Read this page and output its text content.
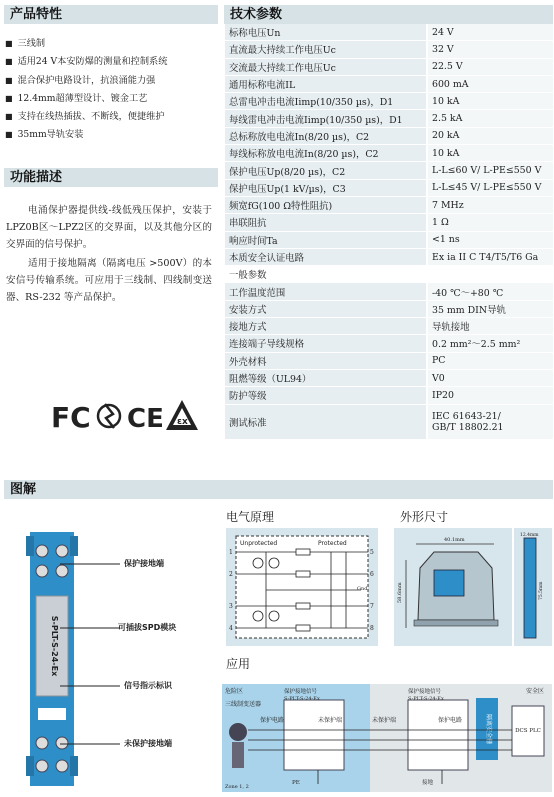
产品特性	技术参数
功能描述
图解
■ 三线制
■ 适用24 V本安防爆的测量和控制系统
■ 混合保护电路设计，抗浪涌能力强
■ 12.4mm超薄型设计、镀金工艺
■ 支持在线热插拔、不断线，便捷维护
■ 35mm导轨安装

电涌保护器提供线-线低残压保护，安装于LPZ0B区～LPZ2区的交界面，以及其他分区的交界面的信号保护。

适用于接地隔离（隔离电压 >500V）的本安信号传输系统。可应用于三线制、四线制变送器、RS-232 等产品保护。

FC CE εx
标称电压Un	24 V
直流最大持续工作电压Uc	32 V
交流最大持续工作电压Uc	22.5 V
通用标称电流IL	600 mA
总雷电冲击电流Iimp(10/350 µs)，D1	10 kA
每线雷电冲击电流Iimp(10/350 µs)，D1	2.5 kA
总标称放电电流In(8/20 µs)，C2	20 kA
每线标称放电电流In(8/20 µs)，C2	10 kA
保护电压Up(8/20 µs)，C2	L-L≤60 V/ L-PE≤550 V
保护电压Up(1 kV/µs)，C3	L-L≤45 V/ L-PE≤550 V
频宽fG(100 Ω特性阻抗)	7 MHz
串联阻抗	1 Ω
响应时间Ta	<1 ns
本质安全认证电路	Ex ia II C T4/T5/T6 Ga
一般参数	
工作温度范围	-40 ℃～+80 ℃
安装方式	35 mm DIN导轨
接地方式	导轨接地
连接端子导线规格	0.2 mm²～2.5 mm²
外壳材料	PC
阻燃等级（UL94）	V0
防护等级	IP20
测试标准	IEC 61643-21/
GB/T 18802.21
电气原理	外形尺寸
应用
S-PLT-S-24-Ex
保护接地端
可插拔SPD模块
信号指示标识
未保护接地端
Unprotected	Protected
1
2
3
4
5
6
7
8
Gnd
40.1mm
58.6mm
12.4mm
75.5mm
危险区	安全区
三线制变送器
保护接地信号
S-PLT-S-24-Ex
保护电路	未保护端
保护接地信号
S-PLT-S-24-Ex
未保护端	保护电路	隔离安全栅	DCS PLC
PE	接地
Zone 1, 2
